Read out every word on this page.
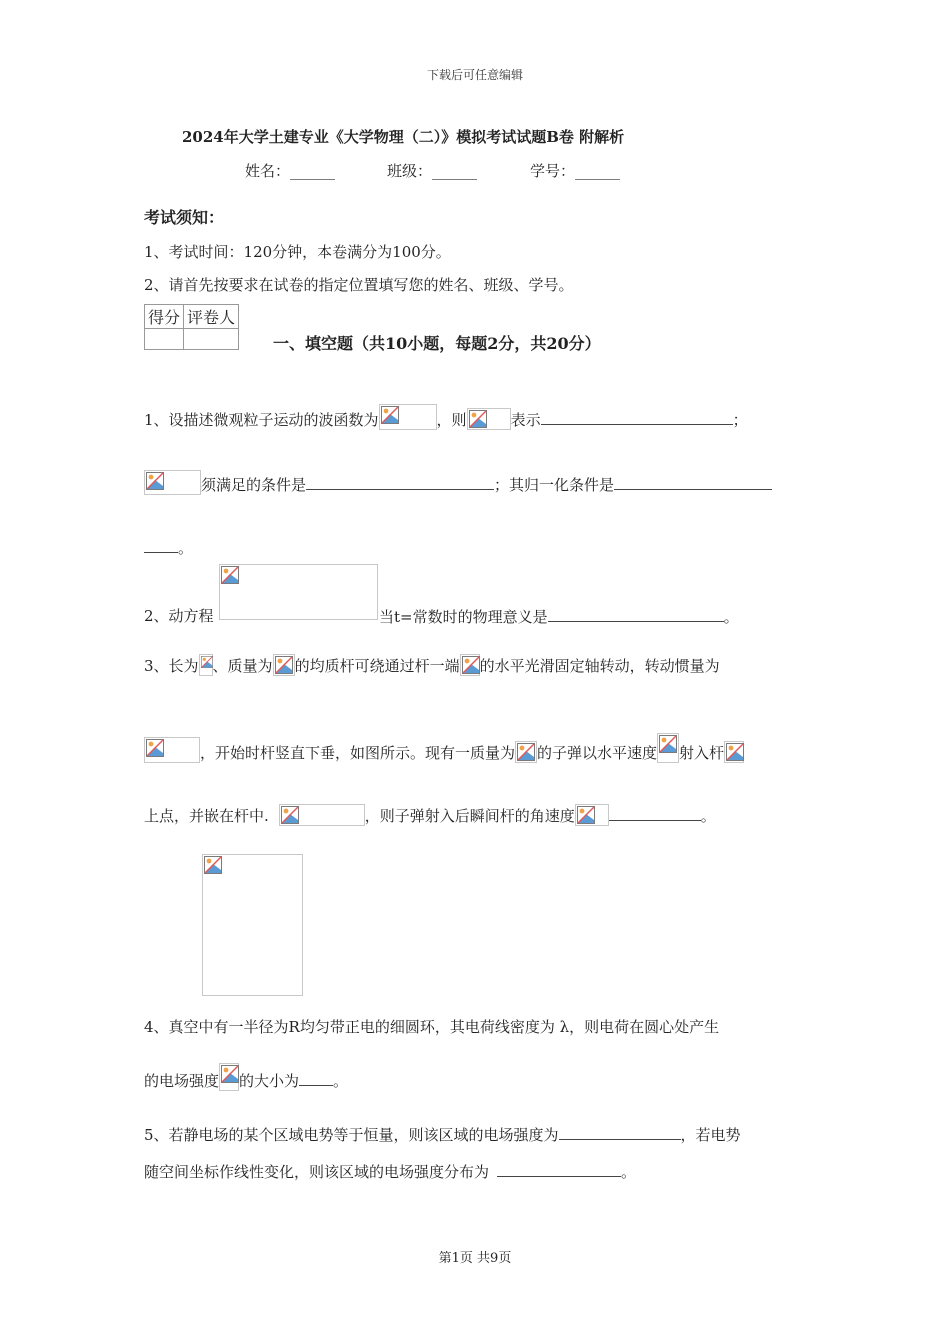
下载后可任意编辑
2024年大学土建专业《大学物理（二）》模拟考试试题B卷 附解析
姓名：______	班级：______	学号：______
考试须知：
1、考试时间：120分钟，本卷满分为100分。
2、请首先按要求在试卷的指定位置填写您的姓名、班级、学号。
得分	评卷人

一、填空题（共10小题，每题2分，共20分）
1、设描述微观粒子运动的波函数为	，则	表示	；
须满足的条件是	；其归一化条件是
。
2、动方程	当t=常数时的物理意义是	。
3、长为 、质量为 的均质杆可绕通过杆一端 的水平光滑固定轴转动，转动惯量为
，开始时杆竖直下垂，如图所示。现有一质量为 的子弹以水平速度 射入杆
上点，并嵌在杆中.	，则子弹射入后瞬间杆的角速度	。
4、真空中有一半径为R均匀带正电的细圆环，其电荷线密度为 λ，则电荷在圆心处产生
的电场强度 的大小为 。
5、若静电场的某个区域电势等于恒量，则该区域的电场强度为	，若电势
随空间坐标作线性变化，则该区域的电场强度分布为	。
第1页 共9页
